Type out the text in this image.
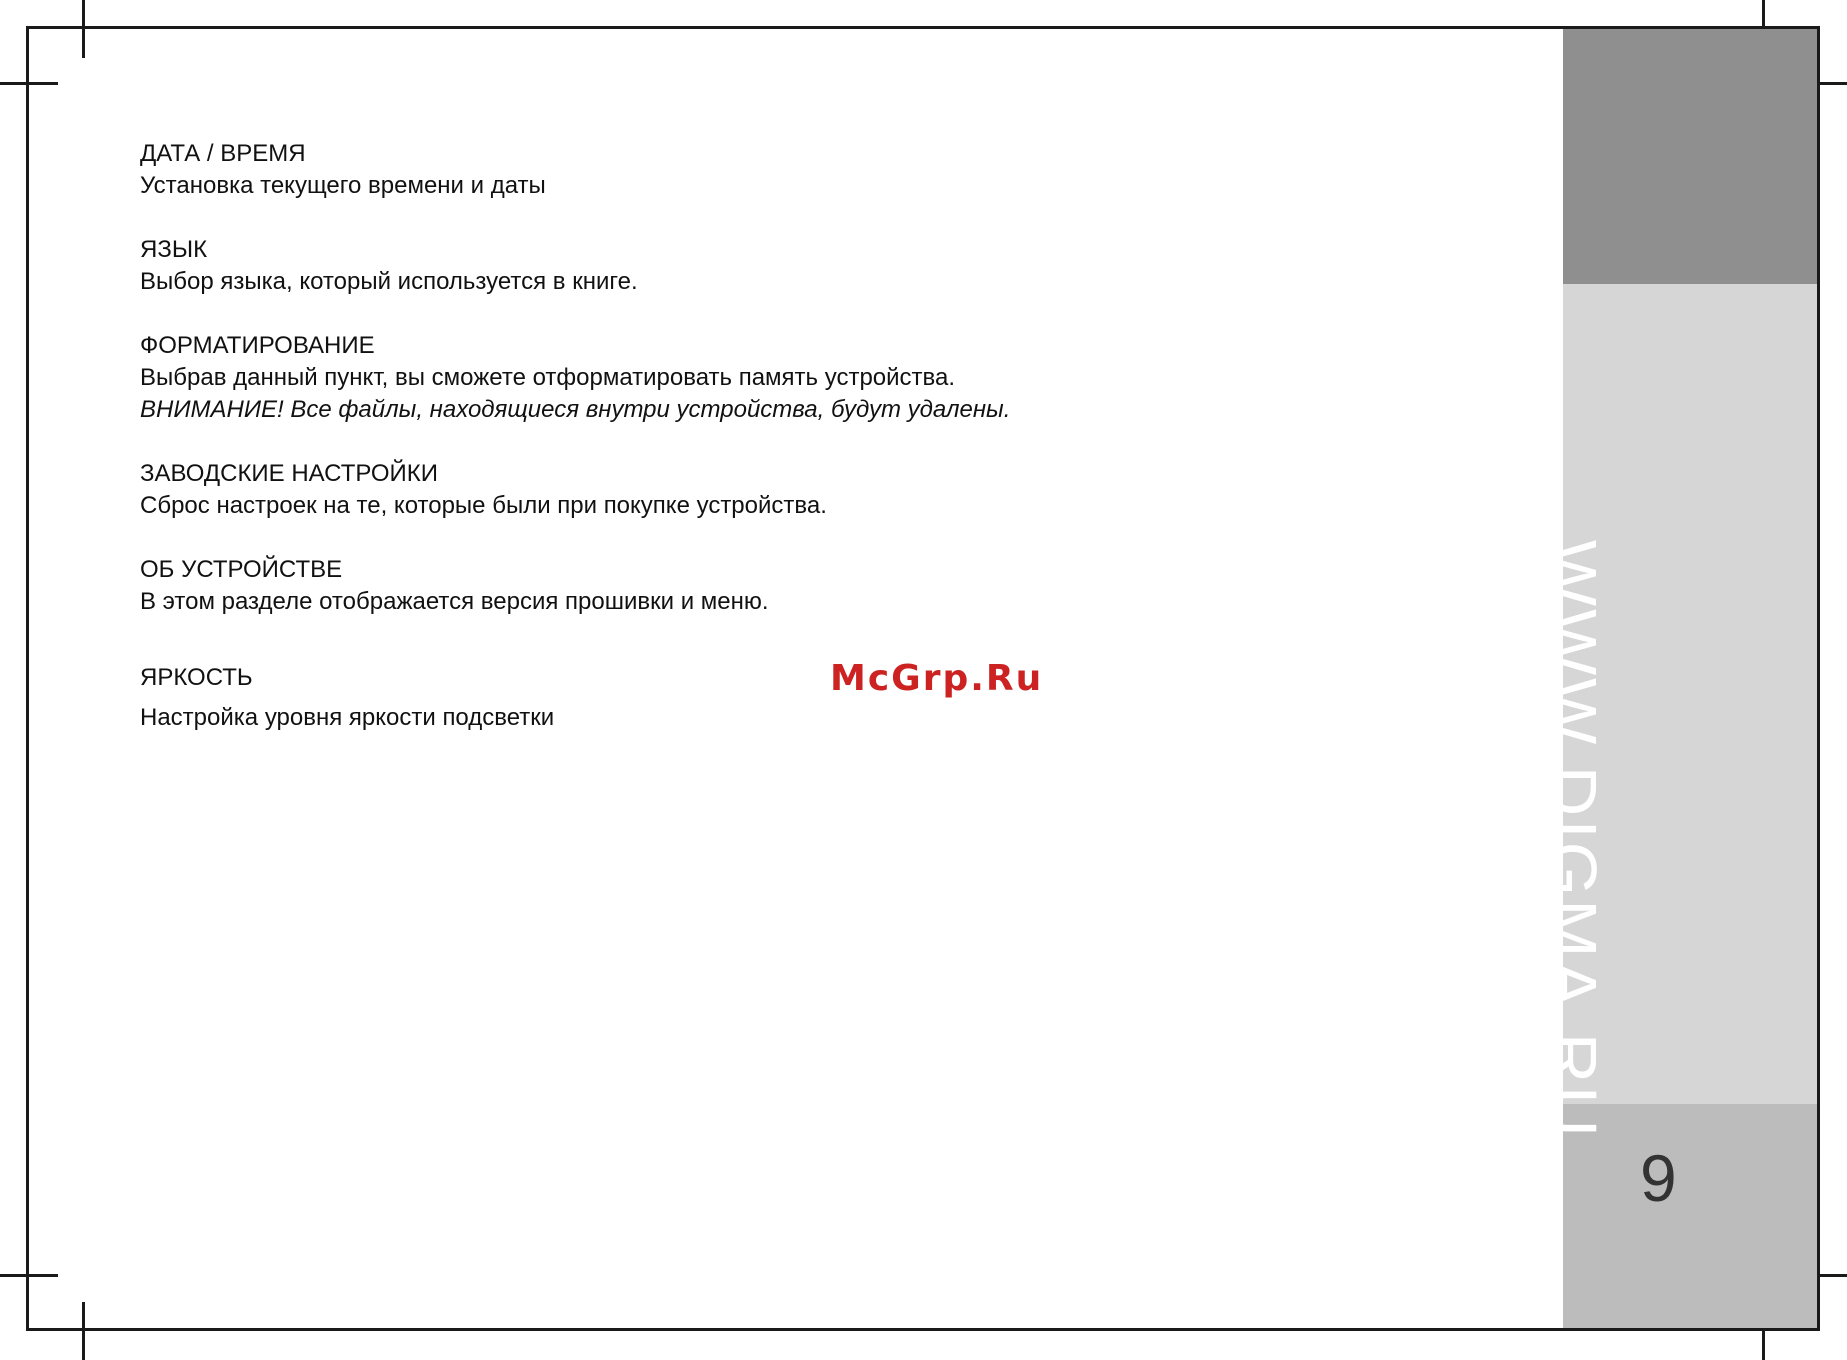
WWW.DIGMA.RU
9
ДАТА / ВРЕМЯ
Установка текущего времени и даты
ЯЗЫК
Выбор языка, который используется в книге.
ФОРМАТИРОВАНИЕ
Выбрав данный пункт, вы сможете отформатировать память устройства.
ВНИМАНИЕ! Все файлы, находящиеся внутри устройства, будут удалены.
ЗАВОДСКИЕ НАСТРОЙКИ
Сброс настроек на те, которые были при покупке устройства.
ОБ УСТРОЙСТВЕ
В этом разделе отображается версия прошивки и меню.
ЯРКОСТЬ
Настройка уровня яркости подсветки
McGrp.Ru
